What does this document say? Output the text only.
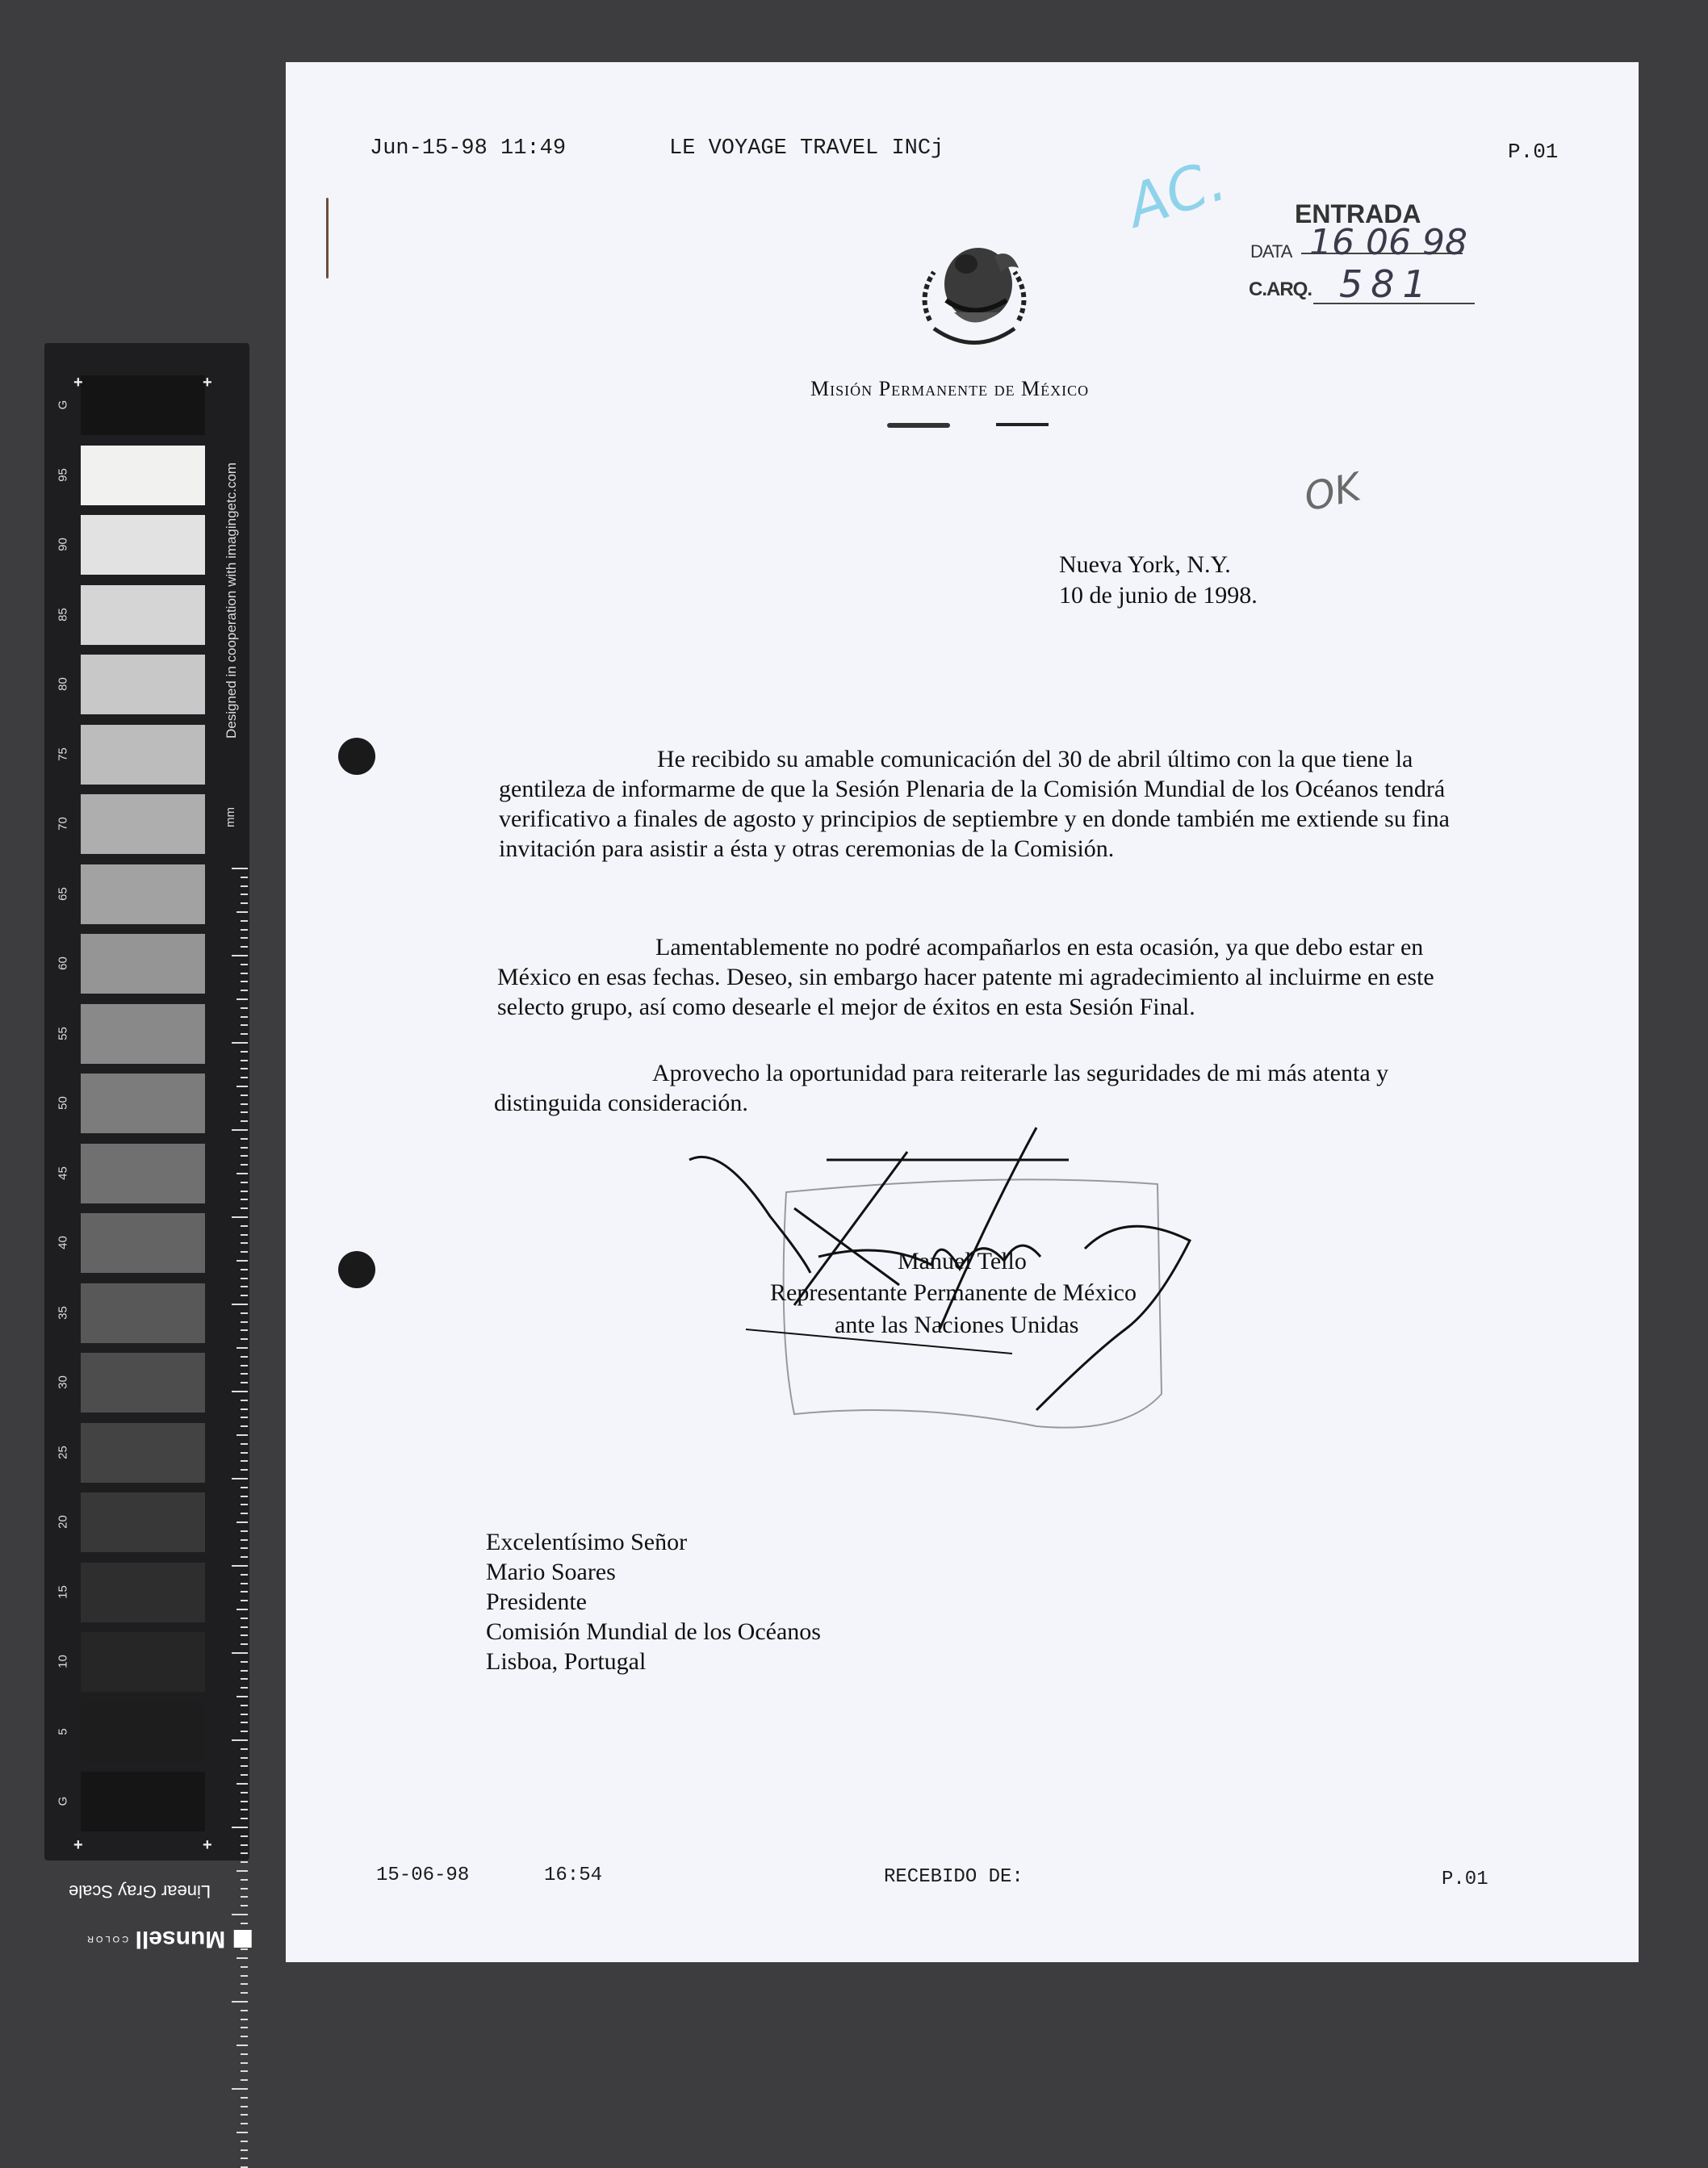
G
95
90
85
80
75
70
65
60
55
50
45
40
35
30
25
20
15
10
5
G
+	+
+	+
Designed in cooperation with imagingetc.com
mm
Linear Gray Scale
Munsell COLOR
Jun-15-98 11:49	LE VOYAGE TRAVEL INCj	P.01
AC. ENTRADA
DATA 16 06 98
C.ARQ. 581
Misión Permanente de México
OK
Nueva York, N.Y.
10 de junio de 1998.
He recibido su amable comunicación del 30 de abril último con la que tiene la gentileza de informarme de que la Sesión Plenaria de la Comisión Mundial de los Océanos tendrá verificativo a finales de agosto y principios de septiembre y en donde también me extiende su fina invitación para asistir a ésta y otras ceremonias de la Comisión.
Lamentablemente no podré acompañarlos en esta ocasión, ya que debo estar en México en esas fechas. Deseo, sin embargo hacer patente mi agradecimiento al incluirme en este selecto grupo, así como desearle el mejor de éxitos en esta Sesión Final.
Aprovecho la oportunidad para reiterarle las seguridades de mi más atenta y distinguida consideración.
Manuel Tello
Representante Permanente de México
ante las Naciones Unidas
Excelentísimo Señor
Mario Soares
Presidente
Comisión Mundial de los Océanos
Lisboa, Portugal
15-06-98	16:54	RECEBIDO DE:	P.01
